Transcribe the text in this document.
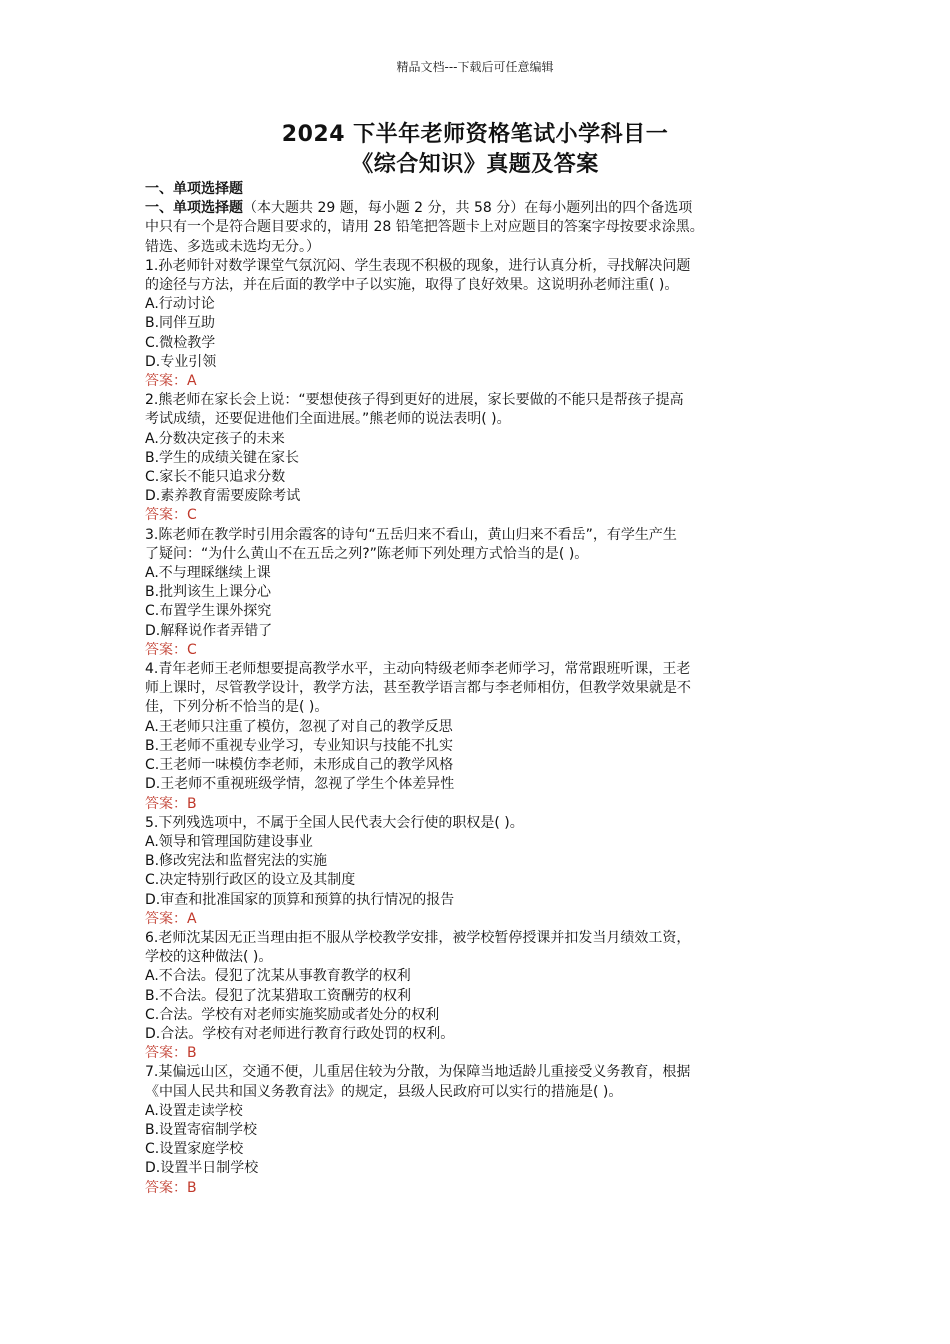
精品文档---下载后可任意编辑
2024 下半年老师资格笔试小学科目一
《综合知识》真题及答案
一、单项选择题
一、单项选择题（本大题共 29 题，每小题 2 分，共 58 分）在每小题列出的四个备选项
中只有一个是符合题目要求的，请用 28 铅笔把答题卡上对应题目的答案字母按要求涂黑。
错选、多选或未选均无分。）
1.孙老师针对数学课堂气氛沉闷、学生表现不积极的现象，进行认真分析，寻找解决问题
的途径与方法，并在后面的教学中子以实施，取得了良好效果。这说明孙老师注重( )。
A.行动讨论
B.同伴互助
C.微检教学
D.专业引领
答案：A
2.熊老师在家长会上说：“要想使孩子得到更好的进展，家长要做的不能只是帮孩子提高
考试成绩，还要促进他们全面进展。”熊老师的说法表明( )。
A.分数决定孩子的未来
B.学生的成绩关键在家长
C.家长不能只追求分数
D.素养教育需要废除考试
答案：C
3.陈老师在教学时引用余霞客的诗句“五岳归来不看山，黄山归来不看岳”，有学生产生
了疑问：“为什么黄山不在五岳之列?”陈老师下列处理方式恰当的是( )。
A.不与理睬继续上课
B.批判该生上课分心
C.布置学生课外探究
D.解释说作者弄错了
答案：C
4.青年老师王老师想要提高教学水平，主动向特级老师李老师学习，常常跟班听课，王老
师上课时，尽管教学设计，教学方法，甚至教学语言都与李老师相仿，但教学效果就是不
佳，下列分析不恰当的是( )。
A.王老师只注重了模仿，忽视了对自己的教学反思
B.王老师不重视专业学习，专业知识与技能不扎实
C.王老师一味模仿李老师，未形成自己的教学风格
D.王老师不重视班级学情，忽视了学生个体差异性
答案：B
5.下列残选项中，不属于全国人民代表大会行使的职权是( )。
A.领导和管理国防建设事业
B.修改宪法和监督宪法的实施
C.决定特别行政区的设立及其制度
D.审查和批准国家的顶算和预算的执行情况的报告
答案：A
6.老师沈某因无正当理由拒不服从学校教学安排，被学校暂停授课并扣发当月绩效工资，
学校的这种做法( )。
A.不合法。侵犯了沈某从事教育教学的权利
B.不合法。侵犯了沈某猎取工资酬劳的权利
C.合法。学校有对老师实施奖励或者处分的权利
D.合法。学校有对老师进行教育行政处罚的权利。
答案：B
7.某偏远山区，交通不便，儿重居住较为分散，为保障当地适龄儿重接受义务教育，根据
《中国人民共和国义务教育法》的规定，县级人民政府可以实行的措施是( )。
A.设置走读学校
B.设置寄宿制学校
C.设置家庭学校
D.设置半日制学校
答案：B
